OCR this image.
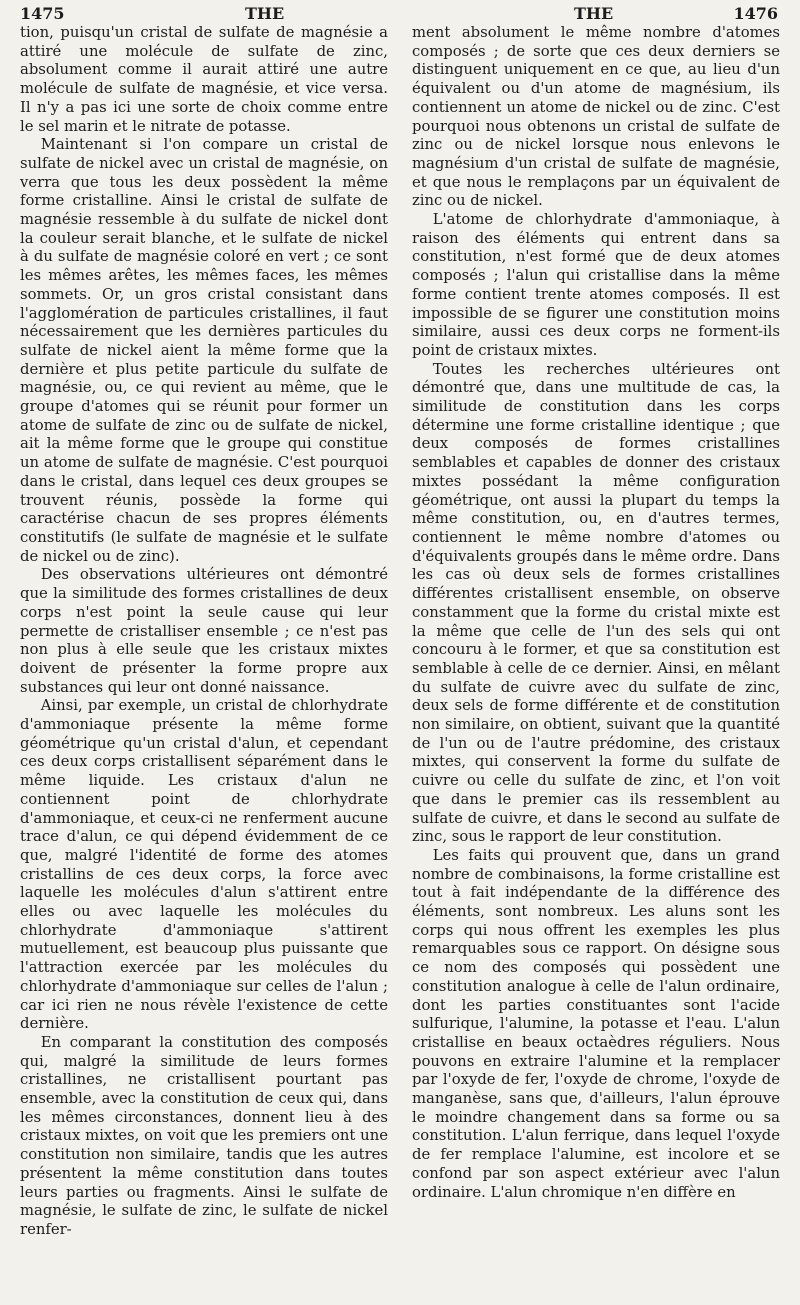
1475	THE	THE	1476

tion, puisqu'un cristal de sulfate de magnésie a attiré une molécule de sulfate de zinc, absolument comme il aurait attiré une autre molécule de sulfate de magnésie, et vice versa. Il n'y a pas ici une sorte de choix comme entre le sel marin et le nitrate de potasse.

Maintenant si l'on compare un cristal de sulfate de nickel avec un cristal de magnésie, on verra que tous les deux possèdent la même forme cristalline. Ainsi le cristal de sulfate de magnésie ressemble à du sulfate de nickel dont la couleur serait blanche, et le sulfate de nickel à du sulfate de magnésie coloré en vert ; ce sont les mêmes arêtes, les mêmes faces, les mêmes sommets. Or, un gros cristal consistant dans l'agglomération de particules cristallines, il faut nécessairement que les dernières particules du sulfate de nickel aient la même forme que la dernière et plus petite particule du sulfate de magnésie, ou, ce qui revient au même, que le groupe d'atomes qui se réunit pour former un atome de sulfate de zinc ou de sulfate de nickel, ait la même forme que le groupe qui constitue un atome de sulfate de magnésie. C'est pourquoi dans le cristal, dans lequel ces deux groupes se trouvent réunis, possède la forme qui caractérise chacun de ses propres éléments constitutifs (le sulfate de magnésie et le sulfate de nickel ou de zinc).

Des observations ultérieures ont démontré que la similitude des formes cristallines de deux corps n'est point la seule cause qui leur permette de cristalliser ensemble ; ce n'est pas non plus à elle seule que les cristaux mixtes doivent de présenter la forme propre aux substances qui leur ont donné naissance.

Ainsi, par exemple, un cristal de chlorhydrate d'ammoniaque présente la même forme géométrique qu'un cristal d'alun, et cependant ces deux corps cristallisent séparément dans le même liquide. Les cristaux d'alun ne contiennent point de chlorhydrate d'ammoniaque, et ceux-ci ne renferment aucune trace d'alun, ce qui dépend évidemment de ce que, malgré l'identité de forme des atomes cristallins de ces deux corps, la force avec laquelle les molécules d'alun s'attirent entre elles ou avec laquelle les molécules du chlorhydrate d'ammoniaque s'attirent mutuellement, est beaucoup plus puissante que l'attraction exercée par les molécules du chlorhydrate d'ammoniaque sur celles de l'alun ; car ici rien ne nous révèle l'existence de cette dernière.

En comparant la constitution des composés qui, malgré la similitude de leurs formes cristallines, ne cristallisent pourtant pas ensemble, avec la constitution de ceux qui, dans les mêmes circonstances, donnent lieu à des cristaux mixtes, on voit que les premiers ont une constitution non similaire, tandis que les autres présentent la même constitution dans toutes leurs parties ou fragments. Ainsi le sulfate de magnésie, le sulfate de zinc, le sulfate de nickel renfer-

ment absolument le même nombre d'atomes composés ; de sorte que ces deux derniers se distinguent uniquement en ce que, au lieu d'un équivalent ou d'un atome de magnésium, ils contiennent un atome de nickel ou de zinc. C'est pourquoi nous obtenons un cristal de sulfate de zinc ou de nickel lorsque nous enlevons le magnésium d'un cristal de sulfate de magnésie, et que nous le remplaçons par un équivalent de zinc ou de nickel.

L'atome de chlorhydrate d'ammoniaque, à raison des éléments qui entrent dans sa constitution, n'est formé que de deux atomes composés ; l'alun qui cristallise dans la même forme contient trente atomes composés. Il est impossible de se figurer une constitution moins similaire, aussi ces deux corps ne forment-ils point de cristaux mixtes.

Toutes les recherches ultérieures ont démontré que, dans une multitude de cas, la similitude de constitution dans les corps détermine une forme cristalline identique ; que deux composés de formes cristallines semblables et capables de donner des cristaux mixtes possédant la même configuration géométrique, ont aussi la plupart du temps la même constitution, ou, en d'autres termes, contiennent le même nombre d'atomes ou d'équivalents groupés dans le même ordre. Dans les cas où deux sels de formes cristallines différentes cristallisent ensemble, on observe constamment que la forme du cristal mixte est la même que celle de l'un des sels qui ont concouru à le former, et que sa constitution est semblable à celle de ce dernier. Ainsi, en mêlant du sulfate de cuivre avec du sulfate de zinc, deux sels de forme différente et de constitution non similaire, on obtient, suivant que la quantité de l'un ou de l'autre prédomine, des cristaux mixtes, qui conservent la forme du sulfate de cuivre ou celle du sulfate de zinc, et l'on voit que dans le premier cas ils ressemblent au sulfate de cuivre, et dans le second au sulfate de zinc, sous le rapport de leur constitution.

Les faits qui prouvent que, dans un grand nombre de combinaisons, la forme cristalline est tout à fait indépendante de la différence des éléments, sont nombreux. Les aluns sont les corps qui nous offrent les exemples les plus remarquables sous ce rapport. On désigne sous ce nom des composés qui possèdent une constitution analogue à celle de l'alun ordinaire, dont les parties constituantes sont l'acide sulfurique, l'alumine, la potasse et l'eau. L'alun cristallise en beaux octaèdres réguliers. Nous pouvons en extraire l'alumine et la remplacer par l'oxyde de fer, l'oxyde de chrome, l'oxyde de manganèse, sans que, d'ailleurs, l'alun éprouve le moindre changement dans sa forme ou sa constitution. L'alun ferrique, dans lequel l'oxyde de fer remplace l'alumine, est incolore et se confond par son aspect extérieur avec l'alun ordinaire. L'alun chromique n'en diffère en
